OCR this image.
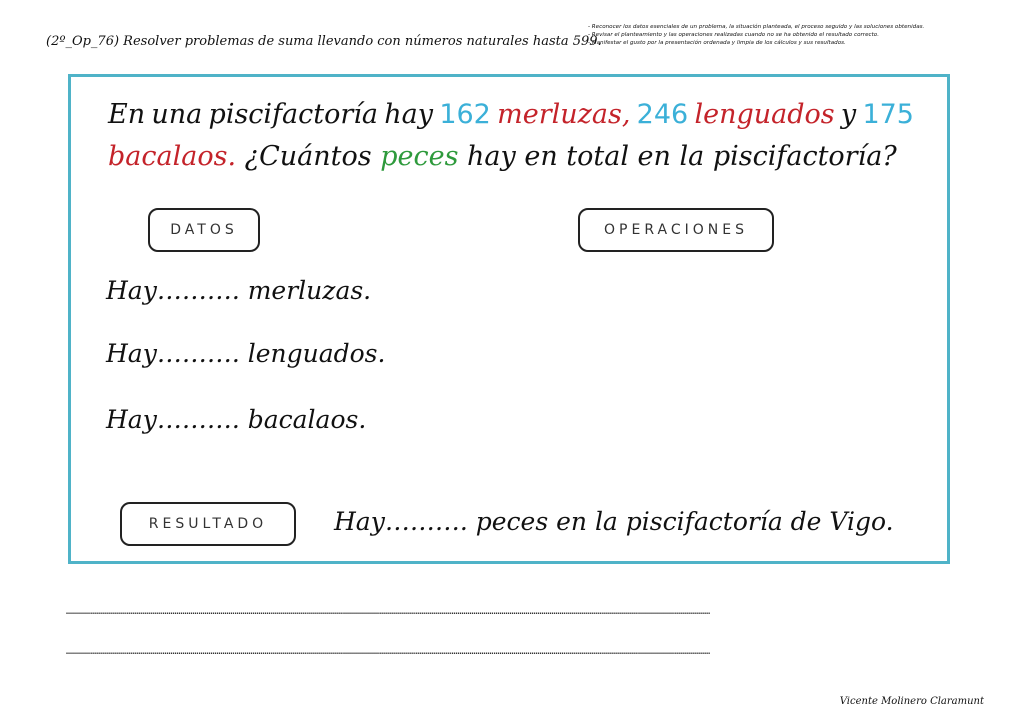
(2º_Op_76) Resolver problemas de suma llevando con números naturales hasta 599.
- Reconocer los datos esenciales de un problema, la situación planteada, el proceso seguido y las soluciones obtenidas.
- Revisar el planteamiento y las operaciones realizadas cuando no se ha obtenido el resultado correcto.
- Manifestar el gusto por la presentación ordenada y limpia de los cálculos y sus resultados.
En una piscifactoría hay 162 merluzas, 246 lenguados y 175
bacalaos. ¿Cuántos peces hay en total en la piscifactoría?
DATOS	OPERACIONES
Hay………. merluzas.
Hay………. lenguados.
Hay………. bacalaos.
RESULTADO	Hay………. peces en la piscifactoría de Vigo.
……………………………………………………………………………………………………………………………………………………………………………………………………………………………………………………………………………………………
……………………………………………………………………………………………………………………………………………………………………………………………………………………………………………………………………………………………
Vicente Molinero Claramunt
